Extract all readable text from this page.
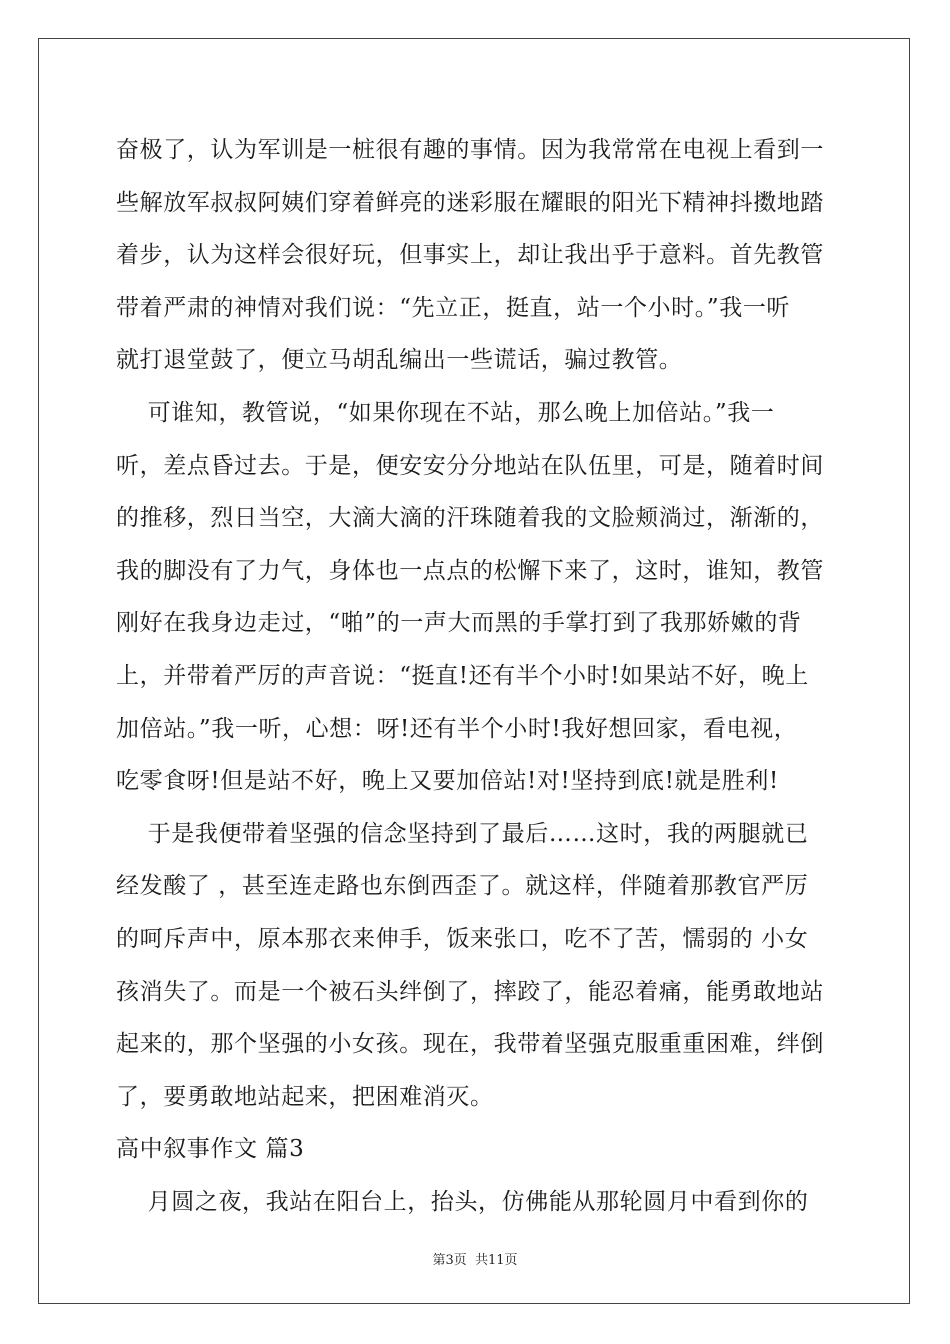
奋极了，认为军训是一桩很有趣的事情。因为我常常在电视上看到一
些解放军叔叔阿姨们穿着鲜亮的迷彩服在耀眼的阳光下精神抖擞地踏
着步，认为这样会很好玩，但事实上，却让我出乎于意料。首先教管
带着严肃的神情对我们说：“先立正，挺直，站一个小时。”我一听
就打退堂鼓了，便立马胡乱编出一些谎话，骗过教管。
可谁知，教管说，“如果你现在不站，那么晚上加倍站。”我一
听，差点昏过去。于是，便安安分分地站在队伍里，可是，随着时间
的推移，烈日当空，大滴大滴的汗珠随着我的文脸颊淌过，渐渐的，
我的脚没有了力气，身体也一点点的松懈下来了，这时，谁知，教管
刚好在我身边走过，“啪”的一声大而黑的手掌打到了我那娇嫩的背
上，并带着严厉的声音说：“挺直!还有半个小时!如果站不好，晚上
加倍站。”我一听，心想：呀!还有半个小时!我好想回家，看电视，
吃零食呀!但是站不好，晚上又要加倍站!对!坚持到底!就是胜利!
于是我便带着坚强的信念坚持到了最后……这时，我的两腿就已
经发酸了 ，甚至连走路也东倒西歪了。就这样，伴随着那教官严厉
的呵斥声中，原本那衣来伸手，饭来张口，吃不了苦，懦弱的 小女
孩消失了。而是一个被石头绊倒了，摔跤了，能忍着痛，能勇敢地站
起来的，那个坚强的小女孩。现在，我带着坚强克服重重困难，绊倒
了，要勇敢地站起来，把困难消灭。
高中叙事作文 篇3
月圆之夜，我站在阳台上，抬头，仿佛能从那轮圆月中看到你的
第3页  共11页
